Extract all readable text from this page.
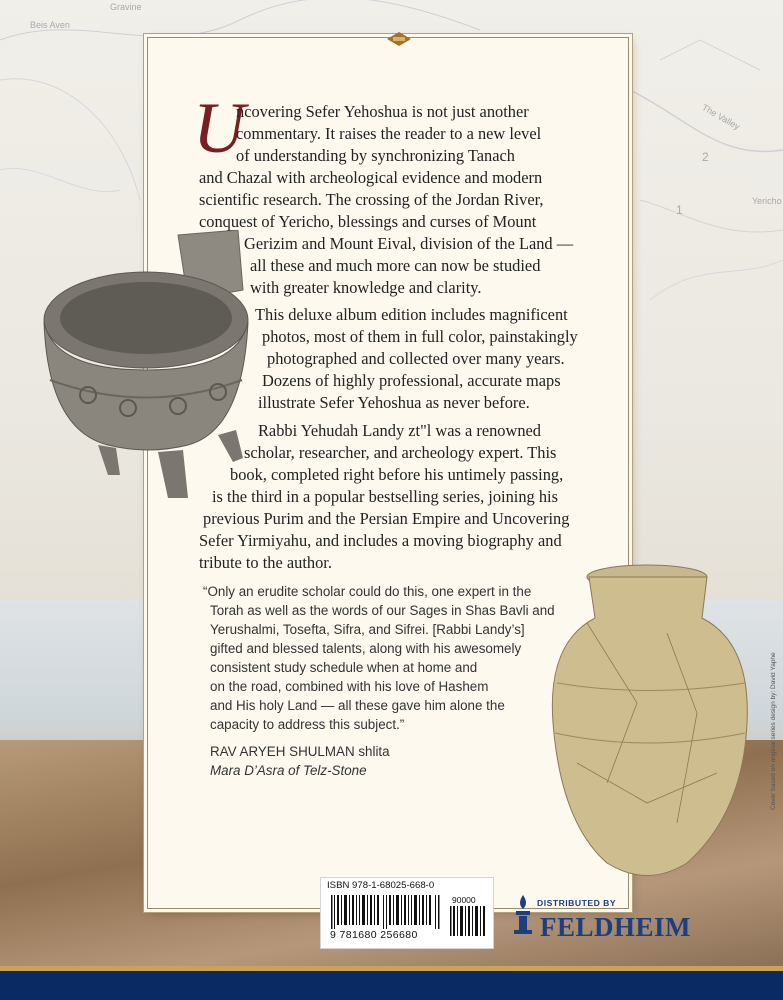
Beis Aven
Gravine
The Valley
2
1
Yericho
U
ncovering Sefer Yehoshua is not just another
commentary. It raises the reader to a new level
of understanding by synchronizing Tanach
and Chazal with archeological evidence and modern
scientific research. The crossing of the Jordan River,
conquest of Yericho, blessings and curses of Mount
Gerizim and Mount Eival, division of the Land —
all these and much more can now be studied
with greater knowledge and clarity.
This deluxe album edition includes magnificent
photos, most of them in full color, painstakingly
photographed and collected over many years.
Dozens of highly professional, accurate maps
illustrate Sefer Yehoshua as never before.
Rabbi Yehudah Landy zt"l was a renowned
scholar, researcher, and archeology expert. This
book, completed right before his untimely passing,
is the third in a popular bestselling series, joining his
previous Purim and the Persian Empire and Uncovering
Sefer Yirmiyahu, and includes a moving biography and
tribute to the author.
“Only an erudite scholar could do this, one expert in the
Torah as well as the words of our Sages in Shas Bavli and
Yerushalmi, Tosefta, Sifra, and Sifrei. [Rabbi Landy’s]
gifted and blessed talents, along with his awesomely
consistent study schedule when at home and
on the road, combined with his love of Hashem
and His holy Land — all these gave him alone the
capacity to address this subject.”
RAV ARYEH SHULMAN shlita
Mara D’Asra of Telz-Stone
ISBN 978-1-68025-668-0
9 781680 256680
90000	DISTRIBUTED BY
FELDHEIM
Cover based on original series design by: David Yaphe
